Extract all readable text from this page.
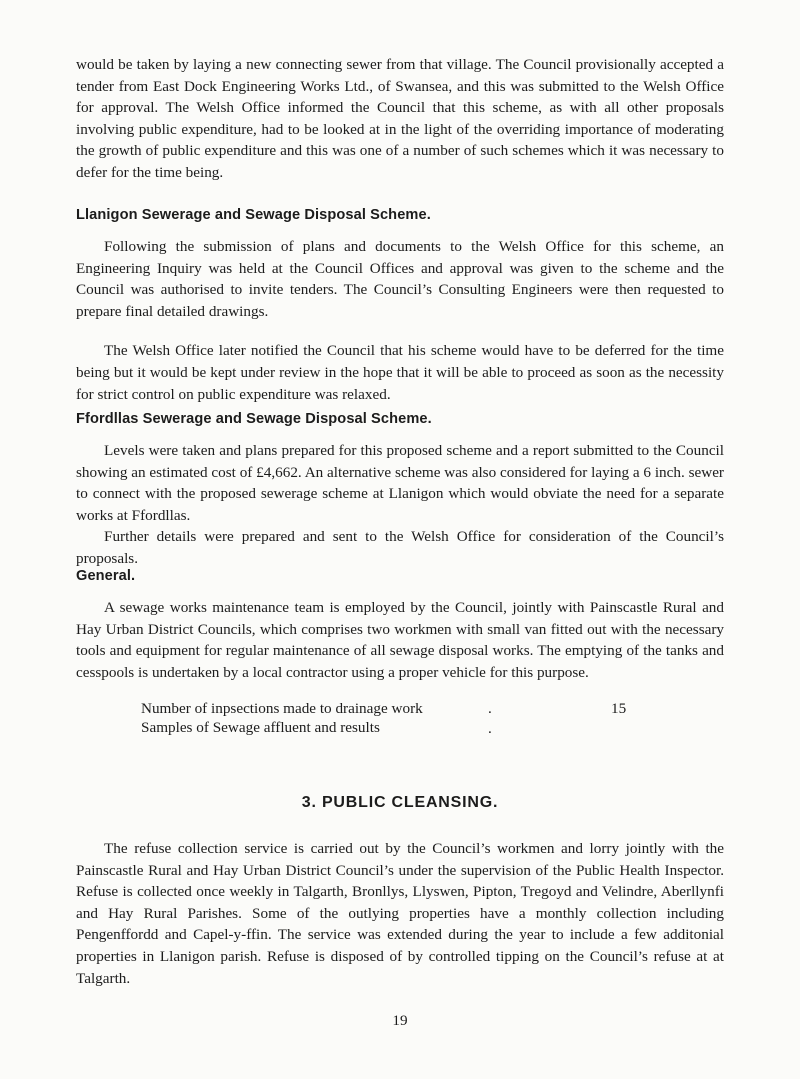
would be taken by laying a new connecting sewer from that village. The Council provisionally accepted a tender from East Dock Engineering Works Ltd., of Swansea, and this was submitted to the Welsh Office for approval. The Welsh Office informed the Council that this scheme, as with all other proposals involving public expenditure, had to be looked at in the light of the overriding importance of moderating the growth of public expenditure and this was one of a number of such schemes which it was necessary to defer for the time being.

Llanigon Sewerage and Sewage Disposal Scheme.

Following the submission of plans and documents to the Welsh Office for this scheme, an Engineering Inquiry was held at the Council Offices and approval was given to the scheme and the Council was authorised to invite tenders. The Council’s Consulting Engineers were then requested to prepare final detailed drawings.

The Welsh Office later notified the Council that his scheme would have to be deferred for the time being but it would be kept under review in the hope that it will be able to proceed as soon as the necessity for strict control on public expenditure was relaxed.

Ffordllas Sewerage and Sewage Disposal Scheme.

Levels were taken and plans prepared for this proposed scheme and a report submitted to the Council showing an estimated cost of £4,662. An alternative scheme was also considered for laying a 6 inch. sewer to connect with the proposed sewerage scheme at Llanigon which would obviate the need for a separate works at Ffordllas.

Further details were prepared and sent to the Welsh Office for consideration of the Council’s proposals.

General.

A sewage works maintenance team is employed by the Council, jointly with Painscastle Rural and Hay Urban District Councils, which comprises two workmen with small van fitted out with the necessary tools and equipment for regular maintenance of all sewage disposal works. The emptying of the tanks and cesspools is undertaken by a local contractor using a proper vehicle for this purpose.

Number of inpsections made to drainage work	. .
15
Samples of Sewage affluent and results
3. PUBLIC CLEANSING.

The refuse collection service is carried out by the Council’s workmen and lorry jointly with the Painscastle Rural and Hay Urban District Council’s under the supervision of the Public Health Inspector. Refuse is collected once weekly in Talgarth, Bronllys, Llyswen, Pipton, Tregoyd and Velindre, Aberllynfi and Hay Rural Parishes. Some of the outlying properties have a monthly collection including Pengenffordd and Capel-y-ffin. The service was extended during the year to include a few additonial properties in Llanigon parish. Refuse is disposed of by controlled tipping on the Council’s refuse at at Talgarth.

19
